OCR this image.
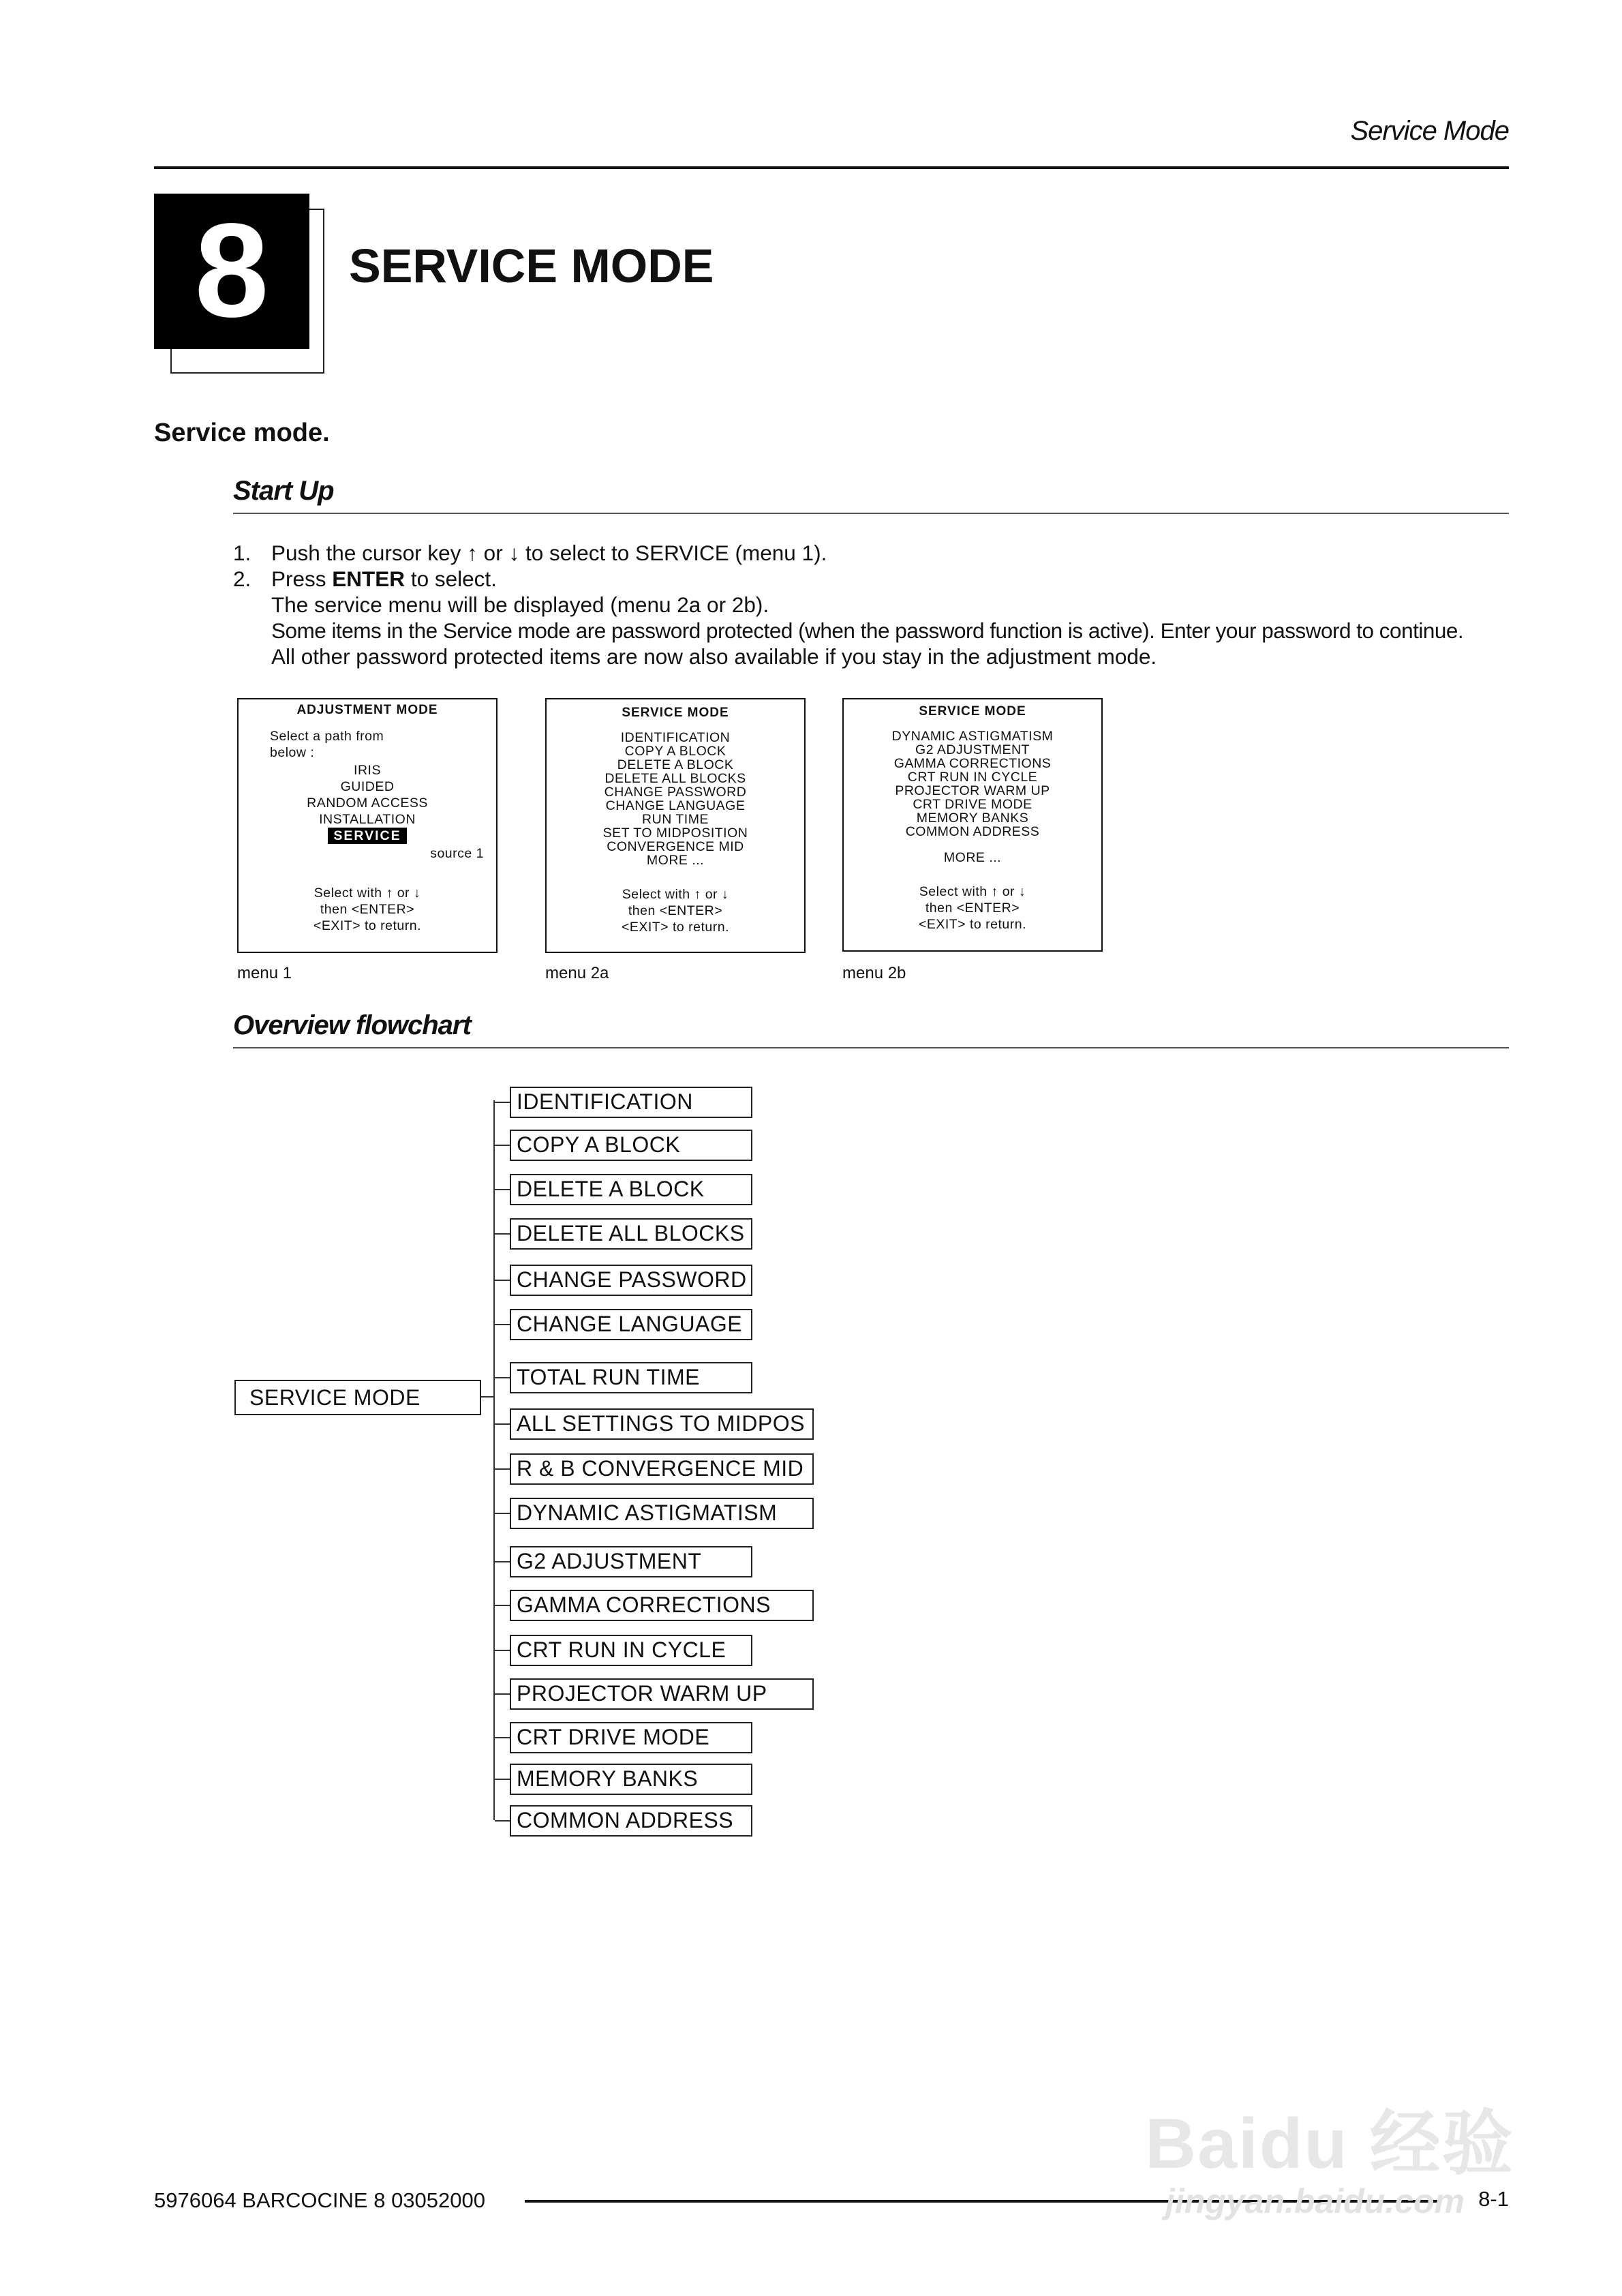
Service Mode
8	SERVICE MODE
Service mode.
Start Up
1. Push the cursor key ↑ or ↓ to select to SERVICE (menu 1).
2. Press ENTER to select.
The service menu will be displayed (menu 2a or 2b).
Some items in the Service mode are password protected (when the password function is active). Enter your password to continue.
All other password protected items are now also available if you stay in the adjustment mode.
ADJUSTMENT MODE
Select a path from
below :
IRIS
GUIDED
RANDOM ACCESS
INSTALLATION
SERVICE
source 1
Select with ↑ or ↓
then <ENTER>
<EXIT> to return.
menu 1
SERVICE MODE
IDENTIFICATION
COPY A BLOCK
DELETE A BLOCK
DELETE ALL BLOCKS
CHANGE PASSWORD
CHANGE LANGUAGE
RUN TIME
SET TO MIDPOSITION
CONVERGENCE MID
MORE ...
Select with ↑ or ↓
then <ENTER>
<EXIT> to return.
menu 2a
SERVICE MODE
DYNAMIC ASTIGMATISM
G2 ADJUSTMENT
GAMMA CORRECTIONS
CRT RUN IN CYCLE
PROJECTOR WARM UP
CRT DRIVE MODE
MEMORY BANKS
COMMON ADDRESS
MORE ...
Select with ↑ or ↓
then <ENTER>
<EXIT> to return.
menu 2b
Overview flowchart
SERVICE MODE
IDENTIFICATION
COPY A BLOCK
DELETE A BLOCK
DELETE ALL BLOCKS
CHANGE PASSWORD
CHANGE LANGUAGE
TOTAL RUN TIME
ALL SETTINGS TO MIDPOS
R & B CONVERGENCE MID
DYNAMIC ASTIGMATISM
G2 ADJUSTMENT
GAMMA CORRECTIONS
CRT RUN IN CYCLE
PROJECTOR WARM UP
CRT DRIVE MODE
MEMORY BANKS
COMMON ADDRESS
5976064 BARCOCINE 8 03052000	8-1
Baidu 经验
jingyan.baidu.com
